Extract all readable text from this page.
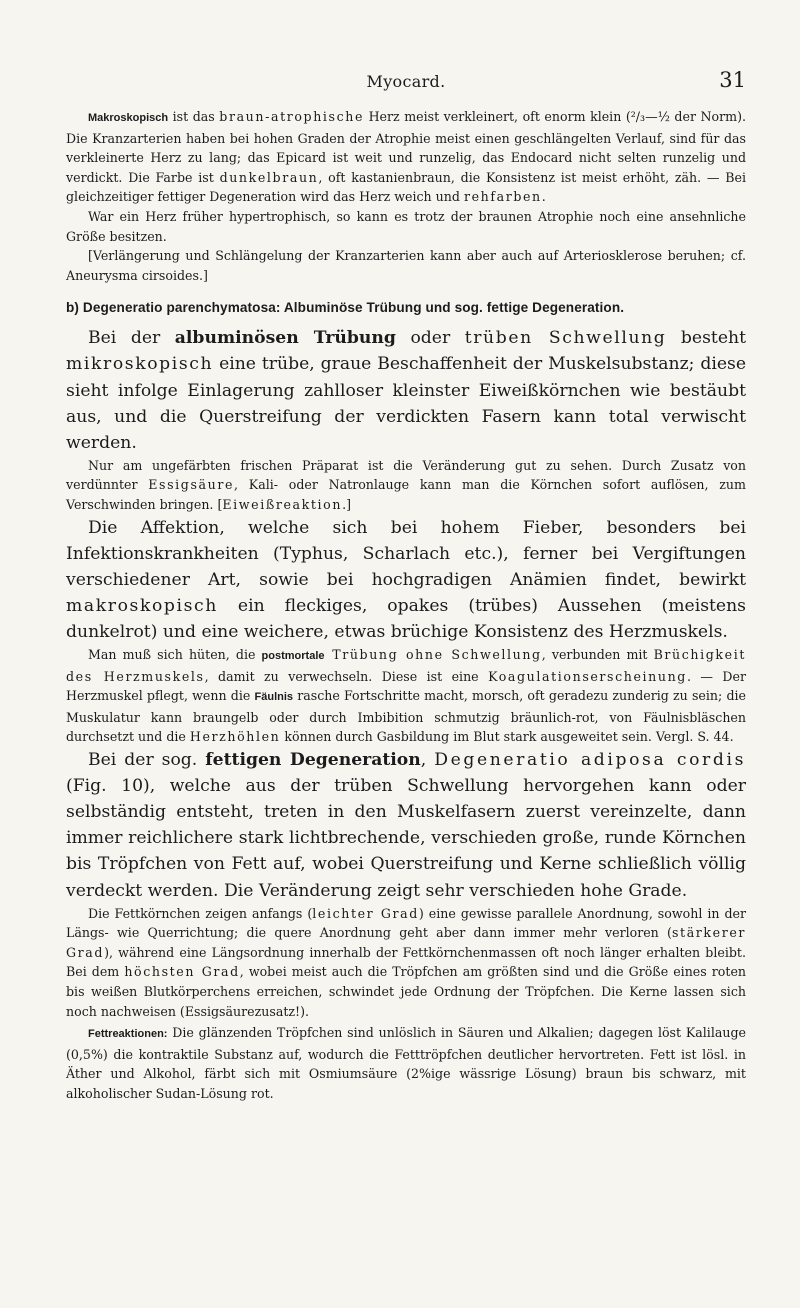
Myocard.	31

Makroskopisch ist das braun-atrophische Herz meist verkleinert, oft enorm klein (²/₃—½ der Norm). Die Kranzarterien haben bei hohen Graden der Atrophie meist einen geschlängelten Verlauf, sind für das verkleinerte Herz zu lang; das Epicard ist weit und runzelig, das Endocard nicht selten runzelig und verdickt. Die Farbe ist dunkelbraun, oft kastanienbraun, die Konsistenz ist meist erhöht, zäh. — Bei gleichzeitiger fettiger Degeneration wird das Herz weich und rehfarben.

War ein Herz früher hypertrophisch, so kann es trotz der braunen Atrophie noch eine ansehnliche Größe besitzen.

[Verlängerung und Schlängelung der Kranzarterien kann aber auch auf Arteriosklerose beruhen; cf. Aneurysma cirsoides.]

b) Degeneratio parenchymatosa: Albuminöse Trübung und sog. fettige Degeneration.

Bei der albuminösen Trübung oder trüben Schwellung besteht mikroskopisch eine trübe, graue Beschaffenheit der Muskelsubstanz; diese sieht infolge Einlagerung zahlloser kleinster Eiweißkörnchen wie bestäubt aus, und die Querstreifung der verdickten Fasern kann total verwischt werden.

Nur am ungefärbten frischen Präparat ist die Veränderung gut zu sehen. Durch Zusatz von verdünnter Essigsäure, Kali- oder Natronlauge kann man die Körnchen sofort auflösen, zum Verschwinden bringen. [Eiweißreaktion.]

Die Affektion, welche sich bei hohem Fieber, besonders bei Infektionskrankheiten (Typhus, Scharlach etc.), ferner bei Vergiftungen verschiedener Art, sowie bei hochgradigen Anämien findet, bewirkt makroskopisch ein fleckiges, opakes (trübes) Aussehen (meistens dunkelrot) und eine weichere, etwas brüchige Konsistenz des Herzmuskels.

Man muß sich hüten, die postmortale Trübung ohne Schwellung, verbunden mit Brüchigkeit des Herzmuskels, damit zu verwechseln. Diese ist eine Koagulationserscheinung. — Der Herzmuskel pflegt, wenn die Fäulnis rasche Fortschritte macht, morsch, oft geradezu zunderig zu sein; die Muskulatur kann braungelb oder durch Imbibition schmutzig bräunlich-rot, von Fäulnisbläschen durchsetzt und die Herzhöhlen können durch Gasbildung im Blut stark ausgeweitet sein. Vergl. S. 44.

Bei der sog. fettigen Degeneration, Degeneratio adiposa cordis (Fig. 10), welche aus der trüben Schwellung hervorgehen kann oder selbständig entsteht, treten in den Muskelfasern zuerst vereinzelte, dann immer reichlichere stark lichtbrechende, verschieden große, runde Körnchen bis Tröpfchen von Fett auf, wobei Querstreifung und Kerne schließlich völlig verdeckt werden. Die Veränderung zeigt sehr verschieden hohe Grade.

Die Fettkörnchen zeigen anfangs (leichter Grad) eine gewisse parallele Anordnung, sowohl in der Längs- wie Querrichtung; die quere Anordnung geht aber dann immer mehr verloren (stärkerer Grad), während eine Längsordnung innerhalb der Fettkörnchenmassen oft noch länger erhalten bleibt. Bei dem höchsten Grad, wobei meist auch die Tröpfchen am größten sind und die Größe eines roten bis weißen Blutkörperchens erreichen, schwindet jede Ordnung der Tröpfchen. Die Kerne lassen sich noch nachweisen (Essigsäurezusatz!).

Fettreaktionen: Die glänzenden Tröpfchen sind unlöslich in Säuren und Alkalien; dagegen löst Kalilauge (0,5%) die kontraktile Substanz auf, wodurch die Fetttröpfchen deutlicher hervortreten. Fett ist lösl. in Äther und Alkohol, färbt sich mit Osmiumsäure (2%ige wässrige Lösung) braun bis schwarz, mit alkoholischer Sudan-Lösung rot.
